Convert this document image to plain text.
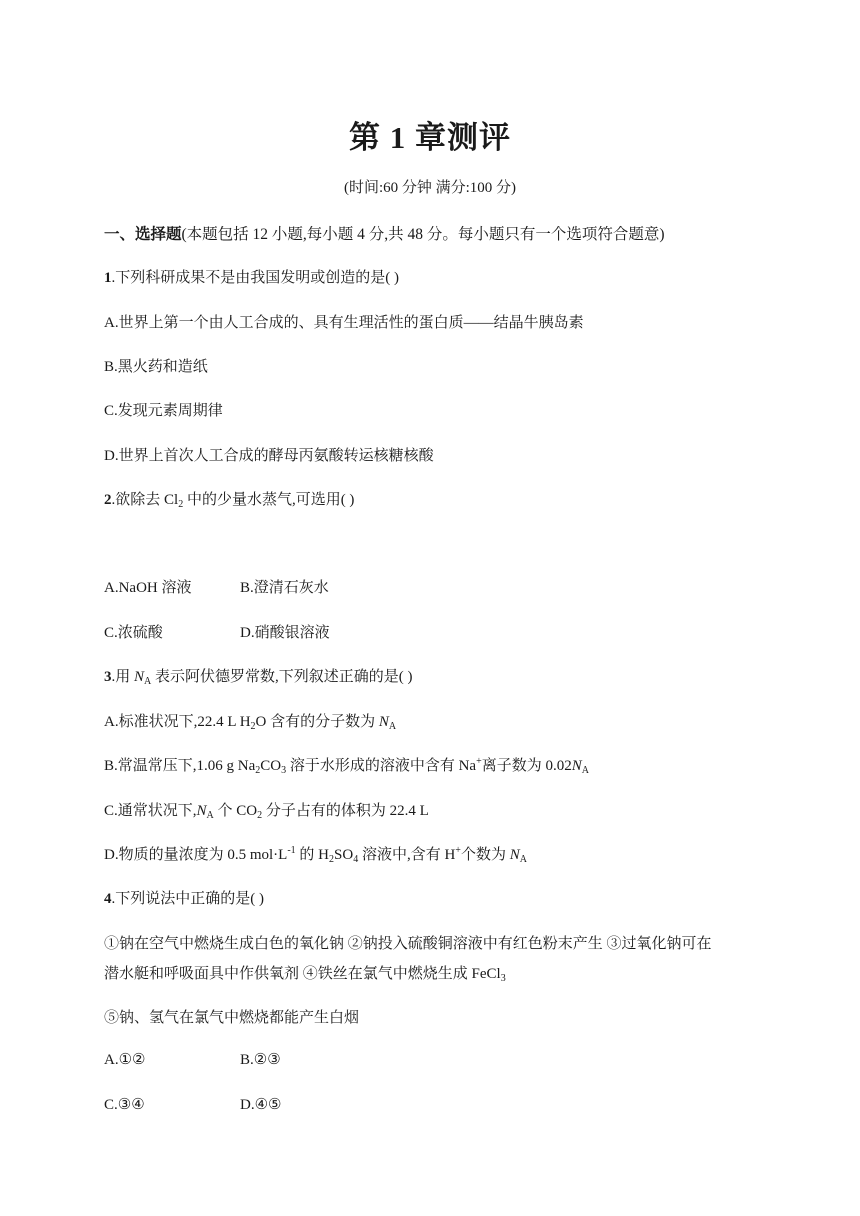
第 1 章测评
(时间:60 分钟 满分:100 分)
一、选择题(本题包括 12 小题,每小题 4 分,共 48 分。每小题只有一个选项符合题意)
1.下列科研成果不是由我国发明或创造的是( )
A.世界上第一个由人工合成的、具有生理活性的蛋白质——结晶牛胰岛素
B.黑火药和造纸
C.发现元素周期律
D.世界上首次人工合成的酵母丙氨酸转运核糖核酸
2.欲除去 $Cl_2$ 中的少量水蒸气,可选用( )
A.NaOH 溶液	B.澄清石灰水
C.浓硫酸	D.硝酸银溶液
3.用 $N_A$ 表示阿伏德罗常数,下列叙述正确的是( )
A.标准状况下,22.4 L $H_2O$ 含有的分子数为 $N_A$
B.常温常压下,1.06 g $Na_2CO_3$ 溶于水形成的溶液中含有 Na+离子数为 $0.02N_A$
C.通常状况下$,N_A$ 个 $CO_2$ 分子占有的体积为 22.4 L
D.物质的量浓度为 0.5 $mol\cdot L^{-1}$ 的 $H_2SO_4$ 溶液中,含有 H+个数为 $N_A$
4.下列说法中正确的是( )
①钠在空气中燃烧生成白色的氧化钠 ②钠投入硫酸铜溶液中有红色粉末产生 ③过氧化钠可在
潜水艇和呼吸面具中作供氧剂 ④铁丝在氯气中燃烧生成 FeCl$_3$
⑤钠、氢气在氯气中燃烧都能产生白烟
A.①②	B.②③
C.③④	D.④⑤
